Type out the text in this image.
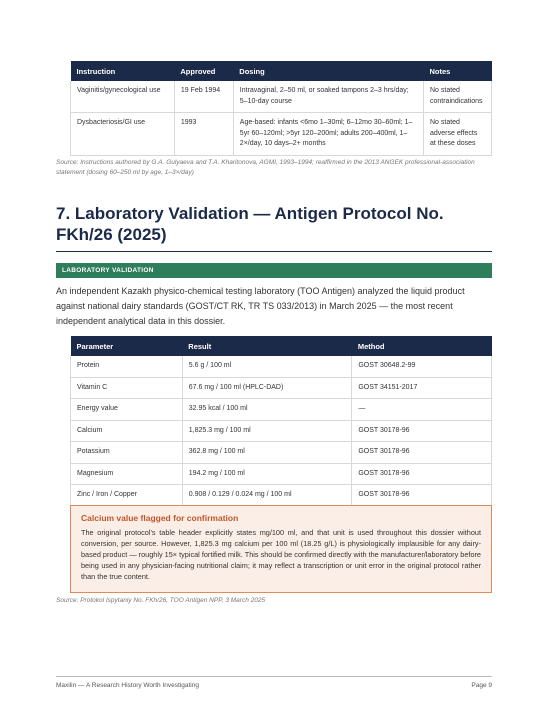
Instruction	Approved	Dosing	Notes
Vaginitis/gynecological use	19 Feb 1994	Intravaginal, 2–50 ml, or soaked tampons 2–3 hrs/day; 5–10-day course	No stated contraindications
Dysbacteriosis/GI use	1993	Age-based: infants <6mo 1–30ml; 6–12mo 30–60ml; 1–5yr 60–120ml; >5yr 120–200ml; adults 200–400ml, 1–2×/day, 10 days–2+ months	No stated adverse effects at these doses
Source: Instructions authored by G.A. Gulyaeva and T.A. Kharitonova, AGMI, 1993–1994; reaffirmed in the 2013 ANGEK professional-association statement (dosing 60–250 ml by age, 1–3×/day)
7. Laboratory Validation — Antigen Protocol No. FKh/26 (2025)
LABORATORY VALIDATION

An independent Kazakh physico-chemical testing laboratory (TOO Antigen) analyzed the liquid product against national dairy standards (GOST/CT RK, TR TS 033/2013) in March 2025 — the most recent independent analytical data in this dossier.

Parameter	Result	Method
Protein	5.6 g / 100 ml	GOST 30648.2-99
Vitamin C	67.6 mg / 100 ml (HPLC-DAD)	GOST 34151-2017
Energy value	32.95 kcal / 100 ml	—
Calcium	1,825.3 mg / 100 ml	GOST 30178-96
Potassium	362.8 mg / 100 ml	GOST 30178-96
Magnesium	194.2 mg / 100 ml	GOST 30178-96
Zinc / Iron / Copper	0.908 / 0.129 / 0.024 mg / 100 ml	GOST 30178-96

Calcium value flagged for confirmation

The original protocol's table header explicitly states mg/100 ml, and that unit is used throughout this dossier without conversion, per source. However, 1,825.3 mg calcium per 100 ml (18.25 g/L) is physiologically implausible for any dairy-based product — roughly 15× typical fortified milk. This should be confirmed directly with the manufacturer/laboratory before being used in any physician-facing nutritional claim; it may reflect a transcription or unit error in the original protocol rather than the true content.

Source: Protokol Ispytaniy No. FKh/26, TOO Antigen NPP, 3 March 2025
Maxilin — A Research History Worth Investigating	Page 9
